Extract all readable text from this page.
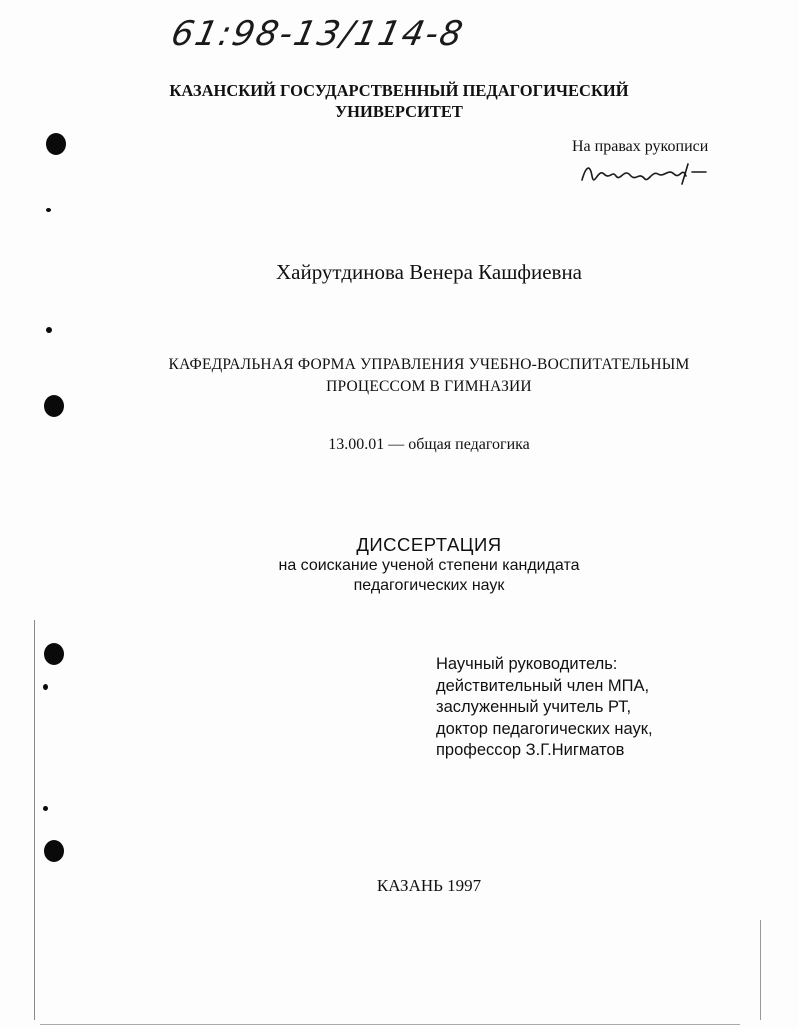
61:98-13/114-8
КАЗАНСКИЙ ГОСУДАРСТВЕННЫЙ ПЕДАГОГИЧЕСКИЙ
УНИВЕРСИТЕТ
На правах рукописи
Хайрутдинова Венера Кашфиевна
КАФЕДРАЛЬНАЯ ФОРМА УПРАВЛЕНИЯ УЧЕБНО-ВОСПИТАТЕЛЬНЫМ
ПРОЦЕССОМ В ГИМНАЗИИ
13.00.01 — общая педагогика
ДИССЕРТАЦИЯ
на соискание ученой степени кандидата
педагогических наук
Научный руководитель:
действительный член МПА,
заслуженный учитель РТ,
доктор педагогических наук,
профессор З.Г.Нигматов
КАЗАНЬ 1997
